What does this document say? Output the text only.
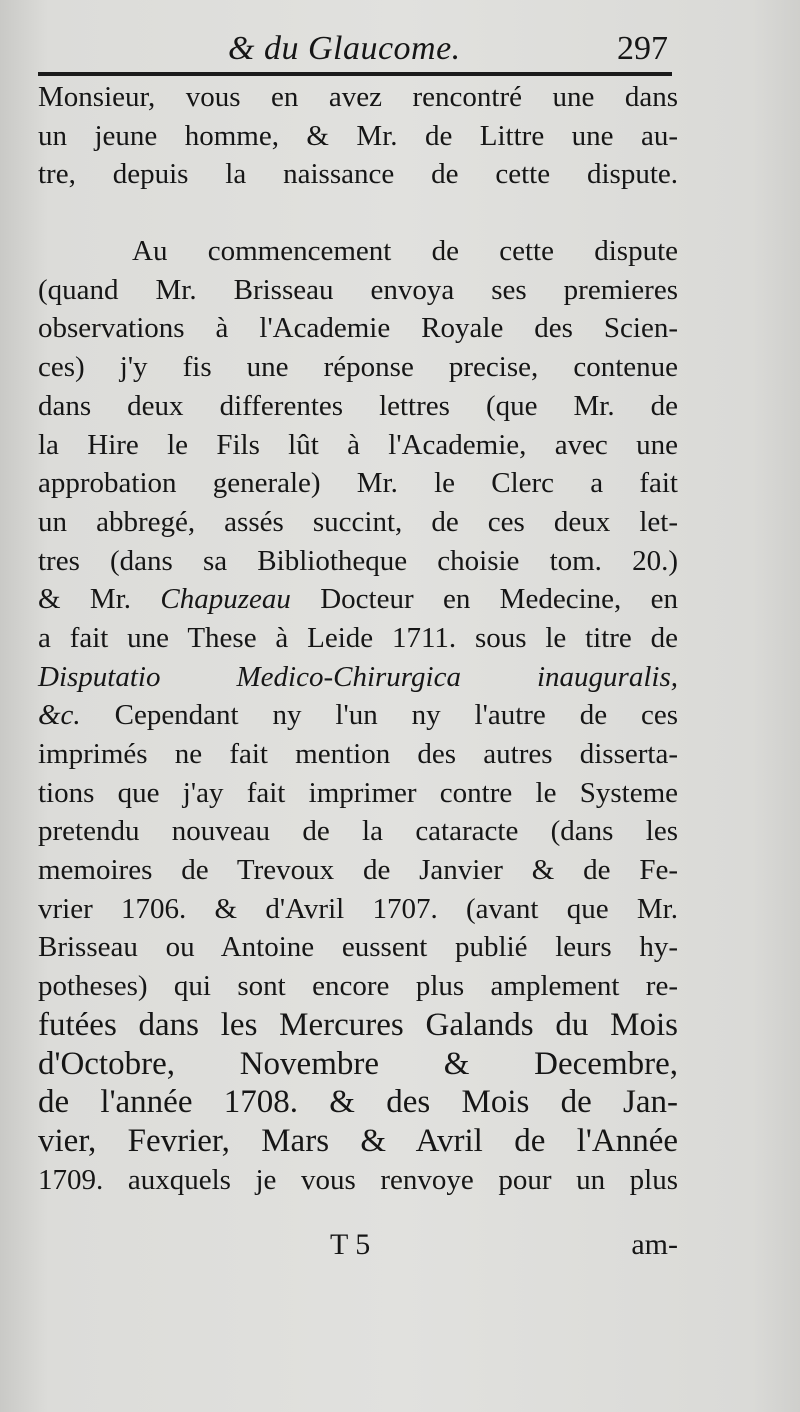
& du Glaucome.	297
Monsieur, vous en avez rencontré une dans
un jeune homme, & Mr. de Littre une au-
tre, depuis la naissance de cette dispute.
Au commencement de cette dispute
(quand Mr. Brisseau envoya ses premieres
observations à l'Academie Royale des Scien-
ces) j'y fis une réponse precise, contenue
dans deux differentes lettres (que Mr. de
la Hire le Fils lût à l'Academie, avec une
approbation generale) Mr. le Clerc a fait
un abbregé, assés succint, de ces deux let-
tres (dans sa Bibliotheque choisie tom. 20.)
& Mr. Chapuzeau Docteur en Medecine, en
a fait une These à Leide 1711. sous le titre de
Disputatio Medico-Chirurgica inauguralis,
&c. Cependant ny l'un ny l'autre de ces
imprimés ne fait mention des autres disserta-
tions que j'ay fait imprimer contre le Systeme
pretendu nouveau de la cataracte (dans les
memoires de Trevoux de Janvier & de Fe-
vrier 1706. & d'Avril 1707. (avant que Mr.
Brisseau ou Antoine eussent publié leurs hy-
potheses) qui sont encore plus amplement re-
futées dans les Mercures Galands du Mois
d'Octobre, Novembre & Decembre,
de l'année 1708. & des Mois de Jan-
vier, Fevrier, Mars & Avril de l'Année
1709. auxquels je vous renvoye pour un plus
T 5	am-
